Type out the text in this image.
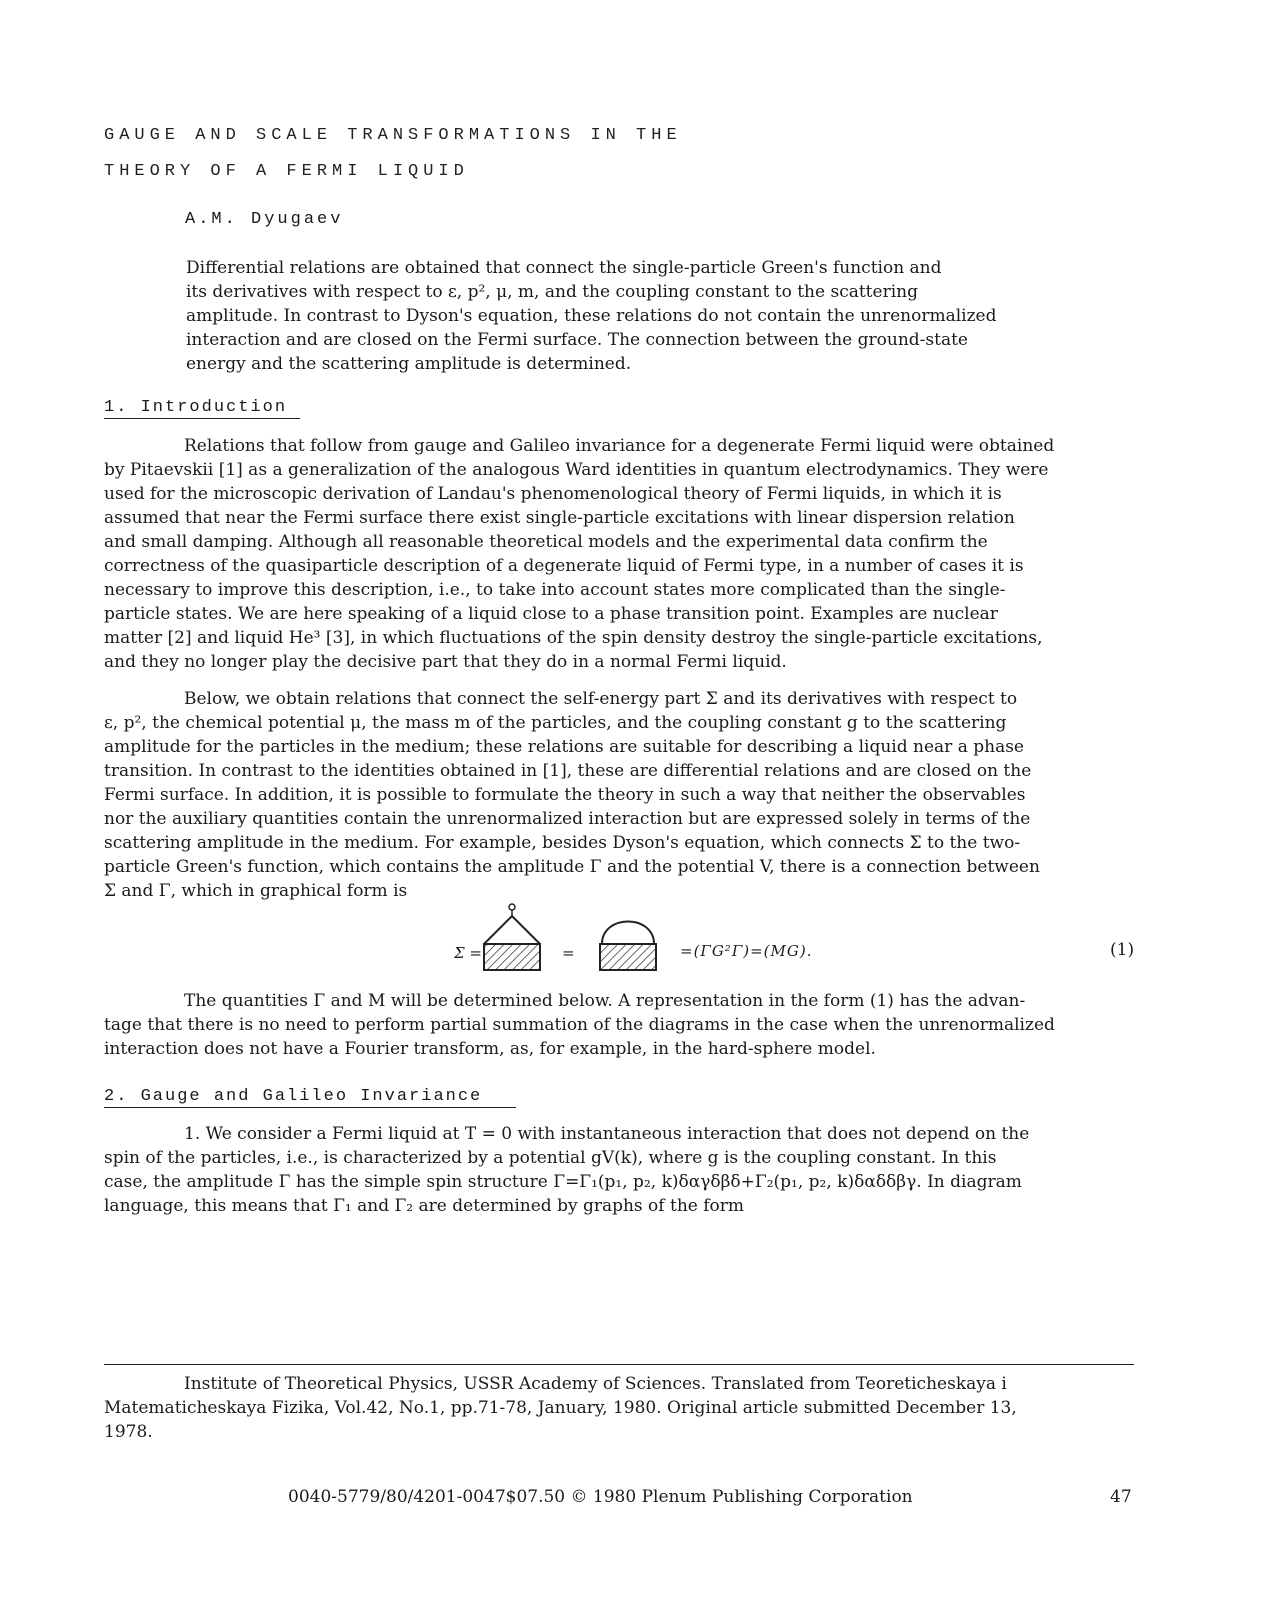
GAUGE AND SCALE TRANSFORMATIONS IN THE
THEORY OF A FERMI LIQUID
A.M. Dyugaev
Differential relations are obtained that connect the single-particle Green's function and
its derivatives with respect to ε, p², μ, m, and the coupling constant to the scattering
amplitude. In contrast to Dyson's equation, these relations do not contain the unrenormalized
interaction and are closed on the Fermi surface. The connection between the ground-state
energy and the scattering amplitude is determined.
1. Introduction
Relations that follow from gauge and Galileo invariance for a degenerate Fermi liquid were obtained
by Pitaevskii [1] as a generalization of the analogous Ward identities in quantum electrodynamics. They were
used for the microscopic derivation of Landau's phenomenological theory of Fermi liquids, in which it is
assumed that near the Fermi surface there exist single-particle excitations with linear dispersion relation
and small damping. Although all reasonable theoretical models and the experimental data confirm the
correctness of the quasiparticle description of a degenerate liquid of Fermi type, in a number of cases it is
necessary to improve this description, i.e., to take into account states more complicated than the single-
particle states. We are here speaking of a liquid close to a phase transition point. Examples are nuclear
matter [2] and liquid He³ [3], in which fluctuations of the spin density destroy the single-particle excitations,
and they no longer play the decisive part that they do in a normal Fermi liquid.
Below, we obtain relations that connect the self-energy part Σ and its derivatives with respect to
ε, p², the chemical potential μ, the mass m of the particles, and the coupling constant g to the scattering
amplitude for the particles in the medium; these relations are suitable for describing a liquid near a phase
transition. In contrast to the identities obtained in [1], these are differential relations and are closed on the
Fermi surface. In addition, it is possible to formulate the theory in such a way that neither the observables
nor the auxiliary quantities contain the unrenormalized interaction but are expressed solely in terms of the
scattering amplitude in the medium. For example, besides Dyson's equation, which connects Σ to the two-
particle Green's function, which contains the amplitude Γ and the potential V, there is a connection between
Σ and Γ, which in graphical form is
Σ =	=	=(ΓG²Γ)=(MG).	(1)
The quantities Γ and M will be determined below. A representation in the form (1) has the advan-
tage that there is no need to perform partial summation of the diagrams in the case when the unrenormalized
interaction does not have a Fourier transform, as, for example, in the hard-sphere model.
2. Gauge and Galileo Invariance
1. We consider a Fermi liquid at T = 0 with instantaneous interaction that does not depend on the
spin of the particles, i.e., is characterized by a potential gV(k), where g is the coupling constant. In this
case, the amplitude Γ has the simple spin structure Γ=Γ₁(p₁, p₂, k)δαγδβδ+Γ₂(p₁, p₂, k)δαδδβγ. In diagram
language, this means that Γ₁ and Γ₂ are determined by graphs of the form
Institute of Theoretical Physics, USSR Academy of Sciences. Translated from Teoreticheskaya i
Matematicheskaya Fizika, Vol.42, No.1, pp.71-78, January, 1980. Original article submitted December 13,
1978.
0040-5779/80/4201-0047$07.50 © 1980 Plenum Publishing Corporation	47
